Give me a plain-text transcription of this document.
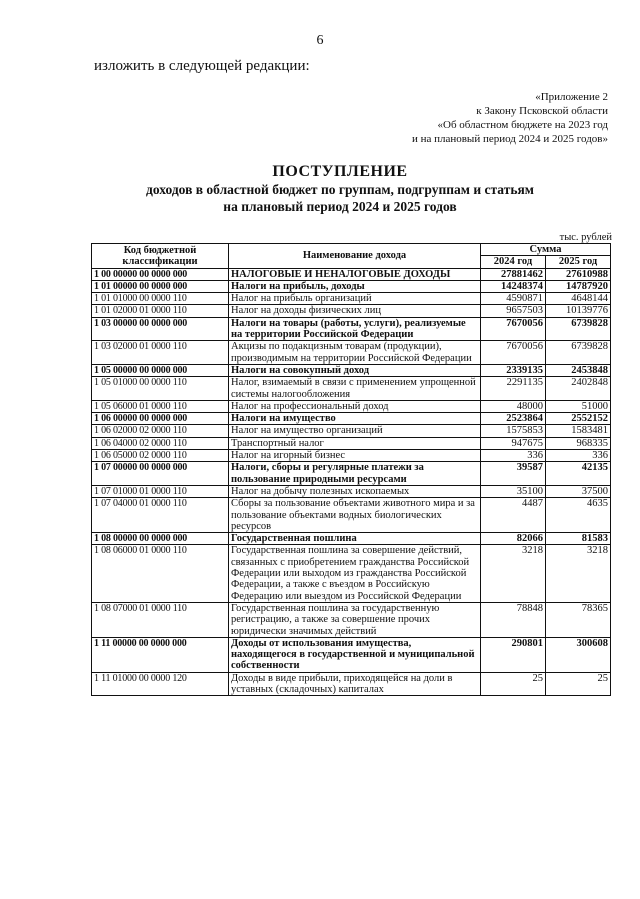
6
изложить в следующей редакции:
«Приложение 2
к Закону Псковской области
«Об областном бюджете на 2023 год
и на плановый период 2024 и 2025 годов»
ПОСТУПЛЕНИЕ
доходов в областной бюджет по группам, подгруппам и статьям
на плановый период 2024 и 2025 годов
тыс. рублей
Код бюджетной классификации	Наименование дохода	Сумма	
		2024 год	2025 год
1 00 00000 00 0000 000	НАЛОГОВЫЕ И НЕНАЛОГОВЫЕ ДОХОДЫ	27881462	27610988
1 01 00000 00 0000 000	Налоги на прибыль, доходы	14248374	14787920
1 01 01000 00 0000 110	Налог на прибыль организаций	4590871	4648144
1 01 02000 01 0000 110	Налог на доходы физических лиц	9657503	10139776
1 03 00000 00 0000 000	Налоги на товары (работы, услуги), реализуемые на территории Российской Федерации	7670056	6739828
1 03 02000 01 0000 110	Акцизы по подакцизным товарам (продукции), производимым на территории Российской Федерации	7670056	6739828
1 05 00000 00 0000 000	Налоги на совокупный доход	2339135	2453848
1 05 01000 00 0000 110	Налог, взимаемый в связи с применением упрощенной системы налогообложения	2291135	2402848
1 05 06000 01 0000 110	Налог на профессиональный доход	48000	51000
1 06 00000 00 0000 000	Налоги на имущество	2523864	2552152
1 06 02000 02 0000 110	Налог на имущество организаций	1575853	1583481
1 06 04000 02 0000 110	Транспортный налог	947675	968335
1 06 05000 02 0000 110	Налог на игорный бизнес	336	336
1 07 00000 00 0000 000	Налоги, сборы и регулярные платежи за пользование природными ресурсами	39587	42135
1 07 01000 01 0000 110	Налог на добычу полезных ископаемых	35100	37500
1 07 04000 01 0000 110	Сборы за пользование объектами животного мира и за пользование объектами водных биологических ресурсов	4487	4635
1 08 00000 00 0000 000	Государственная пошлина	82066	81583
1 08 06000 01 0000 110	Государственная пошлина за совершение действий, связанных с приобретением гражданства Российской Федерации или выходом из гражданства Российской Федерации, а также с въездом в Российскую Федерацию или выездом из Российской Федерации	3218	3218
1 08 07000 01 0000 110	Государственная пошлина за государственную регистрацию, а также за совершение прочих юридически значимых действий	78848	78365
1 11 00000 00 0000 000	Доходы от использования имущества, находящегося в государственной и муниципальной собственности	290801	300608
1 11 01000 00 0000 120	Доходы в виде прибыли, приходящейся на доли в уставных (складочных) капиталах	25	25
